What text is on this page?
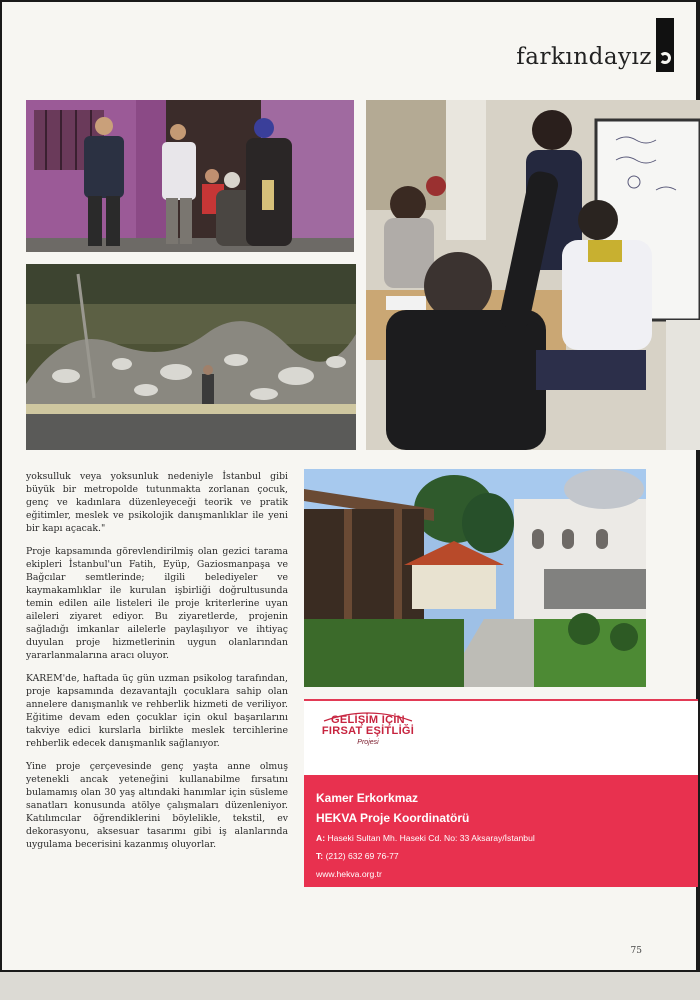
farkındayız

yoksulluk veya yoksunluk nedeniyle İstanbul gibi büyük bir metropolde tutunmakta zorlanan çocuk, genç ve kadınlara düzenleyeceği teorik ve pratik eğitimler, meslek ve psikolojik danışmanlıklar ile yeni bir kapı açacak."

Proje kapsamında görevlendirilmiş olan gezici tarama ekipleri İstanbul'un Fatih, Eyüp, Gaziosmanpaşa ve Bağcılar semtlerinde; ilgili belediyeler ve kaymakamlıklar ile kurulan işbirliği doğrultusunda temin edilen aile listeleri ile proje kriterlerine uyan aileleri ziyaret ediyor. Bu ziyaretlerde, projenin sağladığı imkanlar ailelerle paylaşılıyor ve ihtiyaç duyulan proje hizmetlerinin uygun olanlarından yararlanmalarına aracı oluyor.

KAREM'de, haftada üç gün uzman psikolog tarafından, proje kapsamında dezavantajlı çocuklara sahip olan annelere danışmanlık ve rehberlik hizmeti de veriliyor. Eğitime devam eden çocuklar için okul başarılarını takviye edici kurslarla birlikte meslek tercihlerine rehberlik edecek danışmanlık sağlanıyor.

Yine proje çerçevesinde genç yaşta anne olmuş yetenekli ancak yeteneğini kullanabilme fırsatını bulamamış olan 30 yaş altındaki hanımlar için süsleme sanatları konusunda atölye çalışmaları düzenleniyor. Katılımcılar öğrendiklerini böylelikle, tekstil, ev dekorasyonu, aksesuar tasarımı gibi iş alanlarında uygulama becerisini kazanmış oluyorlar.

GELİŞİM İÇİN
FIRSAT EŞİTLİĞİ
Projesi
Kamer Erkorkmaz
HEKVA Proje Koordinatörü
A: Haseki Sultan Mh. Haseki Cd. No: 33 Aksaray/İstanbul
T: (212) 632 69 76-77
www.hekva.org.tr
75
